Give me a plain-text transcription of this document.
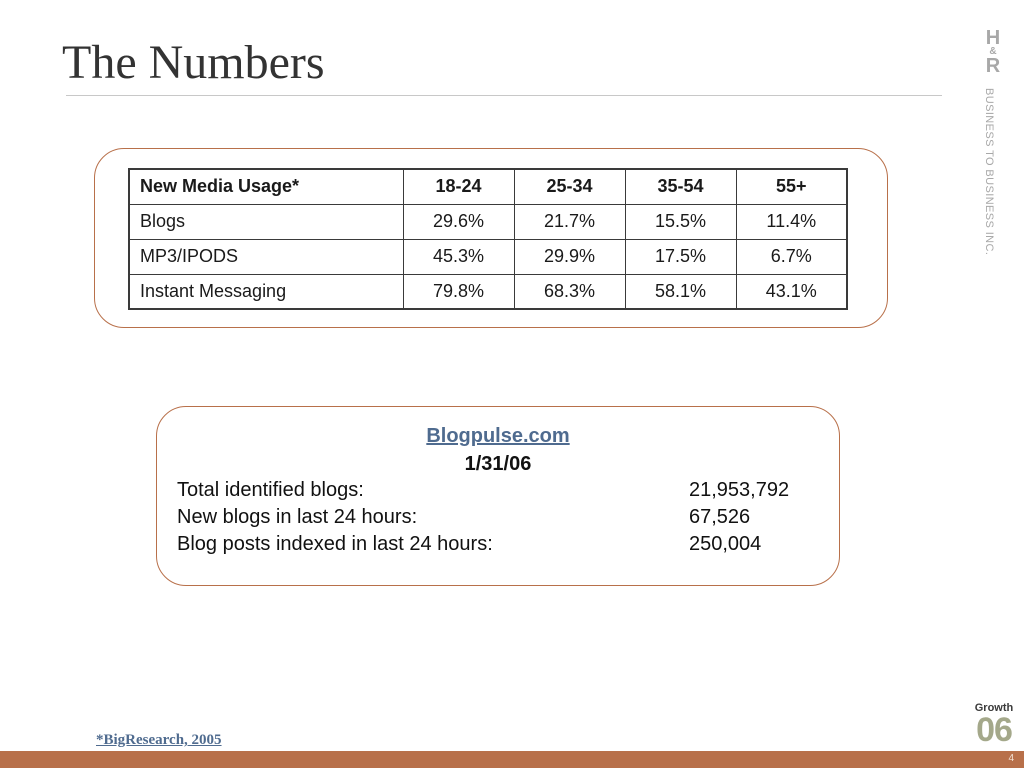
The Numbers	H
&
R
BUSINESS TO BUSINESS INC.
New Media Usage*	18-24	25-34	35-54	55+
Blogs	29.6%	21.7%	15.5%	11.4%
MP3/IPODS	45.3%	29.9%	17.5%	6.7%
Instant Messaging	79.8%	68.3%	58.1%	43.1%
Blogpulse.com
1/31/06
Total identified blogs:	21,953,792
New blogs in last 24 hours:	67,526
Blog posts indexed in last 24 hours:	250,004
*BigResearch, 2005
Growth
06
4
